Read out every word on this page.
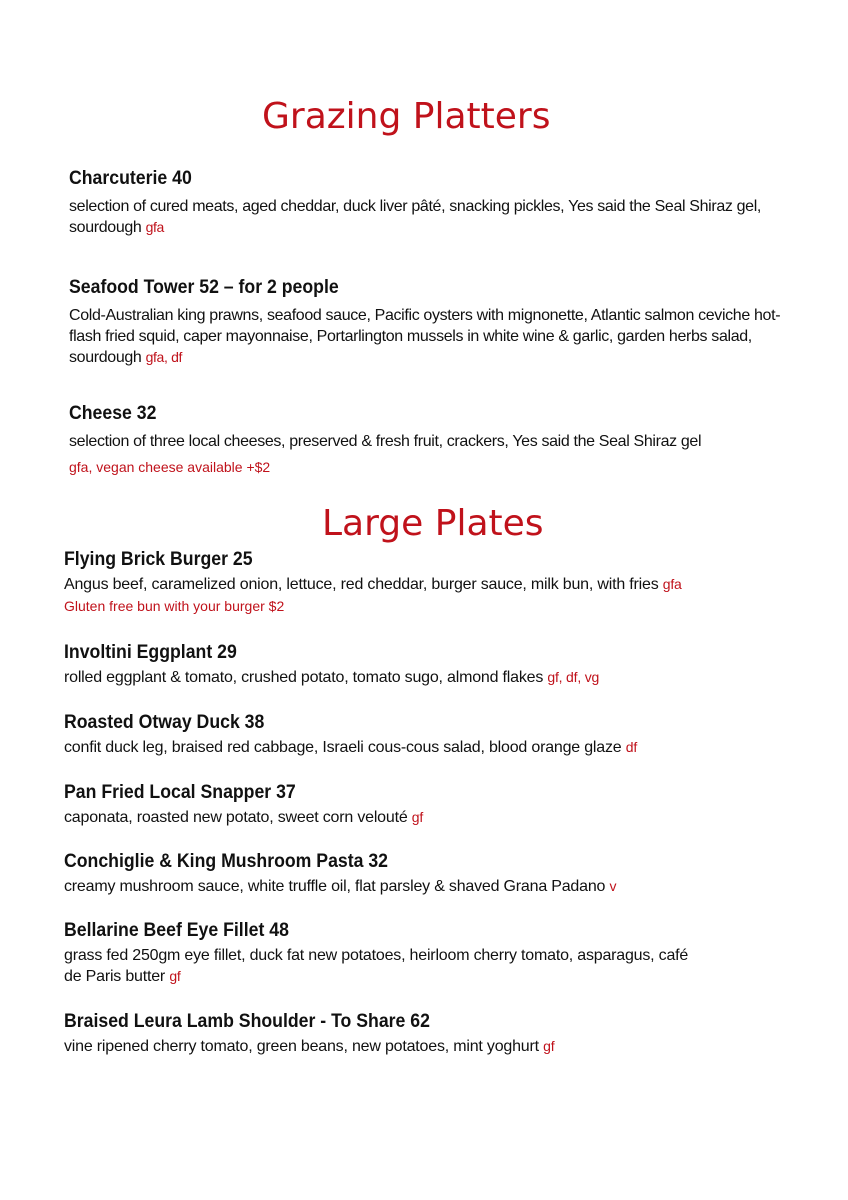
Grazing Platters

Charcuterie 40

selection of cured meats, aged cheddar, duck liver pâté, snacking pickles, Yes said the Seal Shiraz gel, sourdough gfa

Seafood Tower 52 – for 2 people

Cold-Australian king prawns, seafood sauce, Pacific oysters with mignonette, Atlantic salmon ceviche hot-flash fried squid, caper mayonnaise, Portarlington mussels in white wine & garlic, garden herbs salad, sourdough gfa, df

Cheese 32

selection of three local cheeses, preserved & fresh fruit, crackers, Yes said the Seal Shiraz gel

gfa, vegan cheese available +$2

Large Plates

Flying Brick Burger 25

Angus beef, caramelized onion, lettuce, red cheddar, burger sauce, milk bun, with fries gfa

Gluten free bun with your burger $2

Involtini Eggplant 29

rolled eggplant & tomato, crushed potato, tomato sugo, almond flakes gf, df, vg

Roasted Otway Duck 38

confit duck leg, braised red cabbage, Israeli cous-cous salad, blood orange glaze df

Pan Fried Local Snapper 37

caponata, roasted new potato, sweet corn velouté gf

Conchiglie & King Mushroom Pasta 32

creamy mushroom sauce, white truffle oil, flat parsley & shaved Grana Padano v

Bellarine Beef Eye Fillet 48

grass fed 250gm eye fillet, duck fat new potatoes, heirloom cherry tomato, asparagus, café de Paris butter gf

Braised Leura Lamb Shoulder - To Share 62

vine ripened cherry tomato, green beans, new potatoes, mint yoghurt gf
